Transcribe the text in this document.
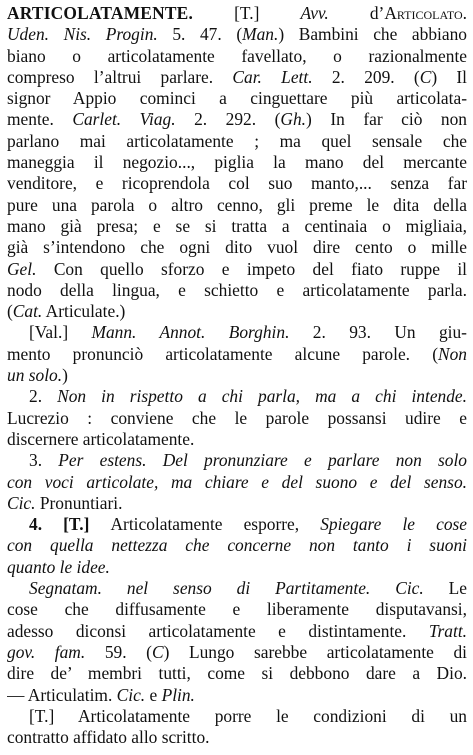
ARTICOLATAMENTE. [T.] Avv. d’Articolato.
Uden. Nis. Progin. 5. 47. (Man.) Bambini che abbiano
biano o articolatamente favellato, o razionalmente
compreso l’altrui parlare. Car. Lett. 2. 209. (C) Il
signor Appio cominci a cinguettare più articolata-
mente. Carlet. Viag. 2. 292. (Gh.) In far ciò non
parlano mai articolatamente ; ma quel sensale che
maneggia il negozio..., piglia la mano del mercante
venditore, e ricoprendola col suo manto,... senza far
pure una parola o altro cenno, gli preme le dita della
mano già presa; e se si tratta a centinaia o migliaia,
già s’intendono che ogni dito vuol dire cento o mille
Gel. Con quello sforzo e impeto del fiato ruppe il
nodo della lingua, e schietto e articolatamente parla.
(Cat. Articulate.)
[Val.] Mann. Annot. Borghin. 2. 93. Un giu-
mento pronunciò articolatamente alcune parole. (Non
un solo.)
2. Non in rispetto a chi parla, ma a chi intende.
Lucrezio : conviene che le parole possansi udire e
discernere articolatamente.
3. Per estens. Del pronunziare e parlare non solo
con voci articolate, ma chiare e del suono e del senso.
Cic. Pronuntiari.
4. [T.] Articolatamente esporre, Spiegare le cose
con quella nettezza che concerne non tanto i suoni
quanto le idee.
Segnatam. nel senso di Partitamente. Cic. Le
cose che diffusamente e liberamente disputavansi,
adesso diconsi articolatamente e distintamente. Tratt.
gov. fam. 59. (C) Lungo sarebbe articolatamente di
dire de’ membri tutti, come si debbono dare a Dio.
— Articulatim. Cic. e Plin.
[T.] Articolatamente porre le condizioni di un
contratto affidato allo scritto.
